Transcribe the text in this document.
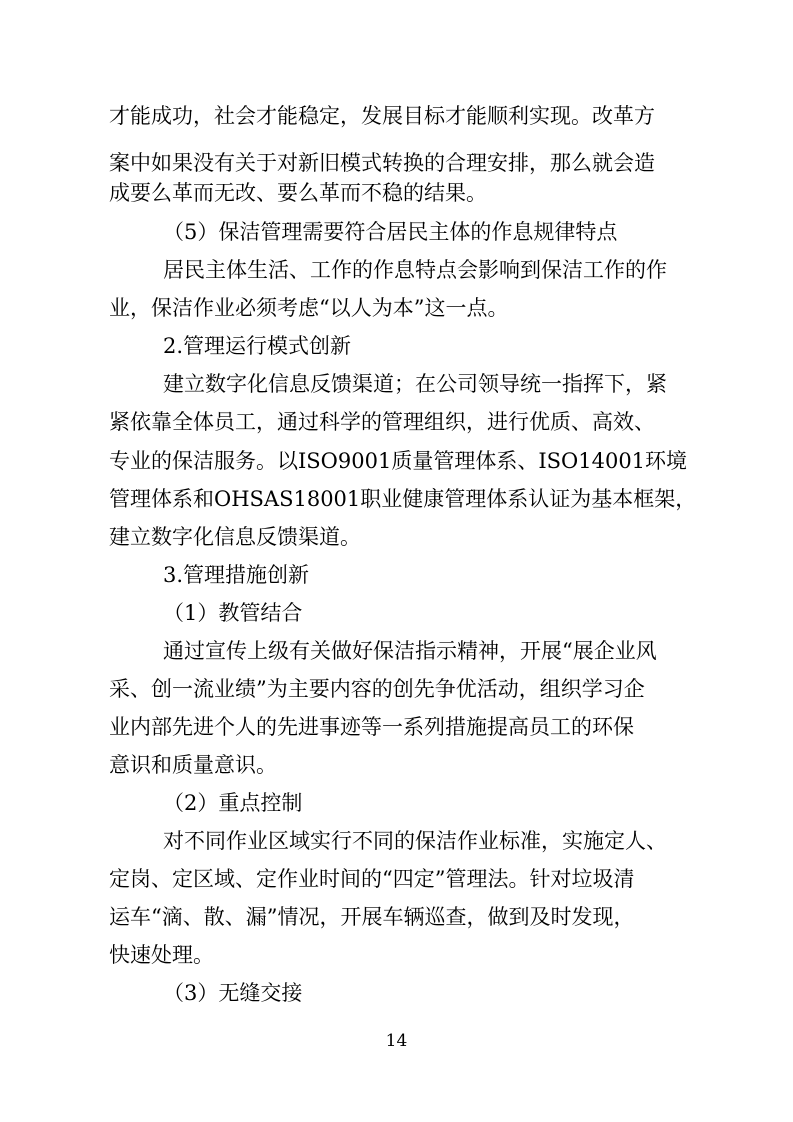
才能成功，社会才能稳定，发展目标才能顺利实现。改革方
案中如果没有关于对新旧模式转换的合理安排，那么就会造
成要么革而无改、要么革而不稳的结果。
（5）保洁管理需要符合居民主体的作息规律特点
居民主体生活、工作的作息特点会影响到保洁工作的作
业，保洁作业必须考虑“以人为本”这一点。
2.管理运行模式创新
建立数字化信息反馈渠道；在公司领导统一指挥下，紧
紧依靠全体员工，通过科学的管理组织，进行优质、高效、
专业的保洁服务。以ISO9001质量管理体系、ISO14001环境
管理体系和OHSAS18001职业健康管理体系认证为基本框架，
建立数字化信息反馈渠道。
3.管理措施创新
（1）教管结合
通过宣传上级有关做好保洁指示精神，开展“展企业风
采、创一流业绩”为主要内容的创先争优活动，组织学习企
业内部先进个人的先进事迹等一系列措施提高员工的环保
意识和质量意识。
（2）重点控制
对不同作业区域实行不同的保洁作业标准，实施定人、
定岗、定区域、定作业时间的“四定”管理法。针对垃圾清
运车“滴、散、漏”情况，开展车辆巡查，做到及时发现，
快速处理。
（3）无缝交接
14
